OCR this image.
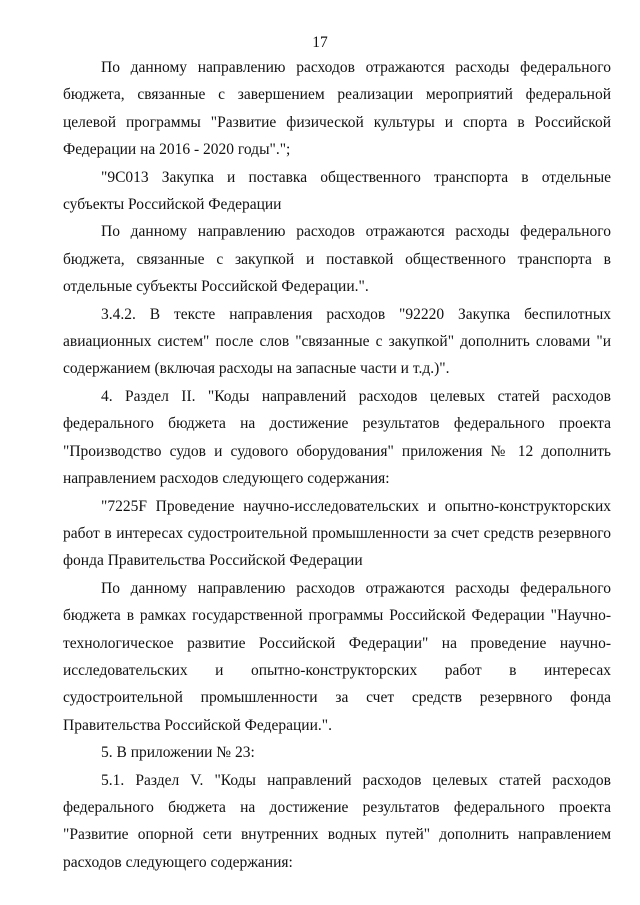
17

По данному направлению расходов отражаются расходы федерального бюджета, связанные с завершением реализации мероприятий федеральной целевой программы "Развитие физической культуры и спорта в Российской Федерации на 2016 - 2020 годы".";

"9С013 Закупка и поставка общественного транспорта в отдельные субъекты Российской Федерации

По данному направлению расходов отражаются расходы федерального бюджета, связанные с закупкой и поставкой общественного транспорта в отдельные субъекты Российской Федерации.".

3.4.2. В тексте направления расходов "92220 Закупка беспилотных авиационных систем" после слов "связанные с закупкой" дополнить словами "и содержанием (включая расходы на запасные части и т.д.)".

4. Раздел II. "Коды направлений расходов целевых статей расходов федерального бюджета на достижение результатов федерального проекта "Производство судов и судового оборудования" приложения № 12 дополнить направлением расходов следующего содержания:

"7225F Проведение научно-исследовательских и опытно-конструкторских работ в интересах судостроительной промышленности за счет средств резервного фонда Правительства Российской Федерации

По данному направлению расходов отражаются расходы федерального бюджета в рамках государственной программы Российской Федерации "Научно-технологическое развитие Российской Федерации" на проведение научно-исследовательских и опытно-конструкторских работ в интересах судостроительной промышленности за счет средств резервного фонда Правительства Российской Федерации.".

5. В приложении № 23:

5.1. Раздел V. "Коды направлений расходов целевых статей расходов федерального бюджета на достижение результатов федерального проекта "Развитие опорной сети внутренних водных путей" дополнить направлением расходов следующего содержания:
